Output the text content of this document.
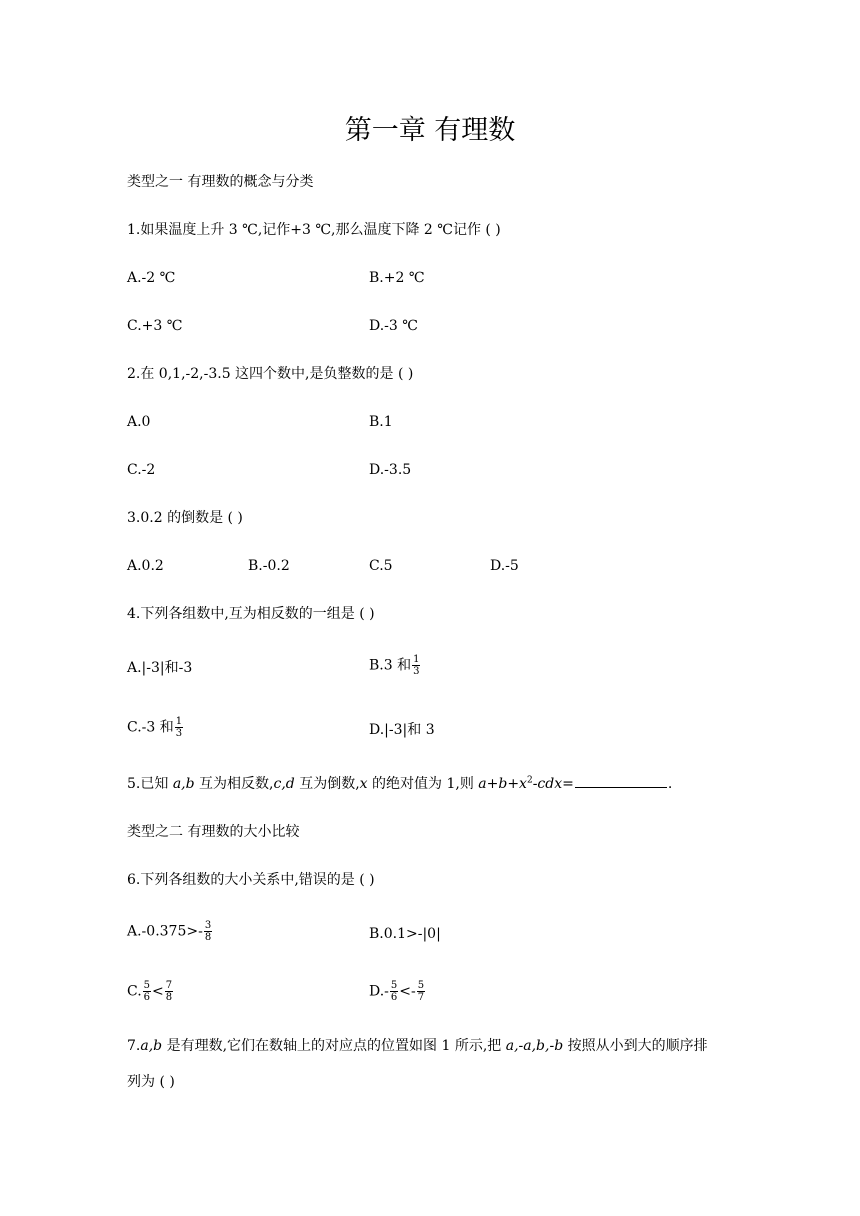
第一章 有理数
类型之一 有理数的概念与分类
1.如果温度上升 3 ℃,记作+3 ℃,那么温度下降 2 ℃记作 ( )
A.-2 ℃	B.+2 ℃
C.+3 ℃	D.-3 ℃
2.在 0,1,-2,-3.5 这四个数中,是负整数的是 ( )
A.0	B.1
C.-2	D.-3.5
3.0.2 的倒数是 ( )
A.0.2	B.-0.2	C.5	D.-5
4.下列各组数中,互为相反数的一组是 ( )
A.|-3|和-3	B.3 和 $\frac{1}{3}$
C.-3 和 $\frac{1}{3}$	D.|-3|和 3
5.已知 a,b 互为相反数,c,d 互为倒数,x 的绝对值为 1,则 $a+b+x^2-cdx=$	.
类型之二 有理数的大小比较
6.下列各组数的大小关系中,错误的是 ( )
$A.-0.375>- \frac{3}{8}$	B.0.1>-|0|
C. $\frac{5}{6} < \frac{7}{8}$	$D.- \frac{5}{6} <- \frac{5}{7}$
7.a,b 是有理数,它们在数轴上的对应点的位置如图 1 所示,把 a,-a,b,-b 按照从小到大的顺序排
列为 ( )
